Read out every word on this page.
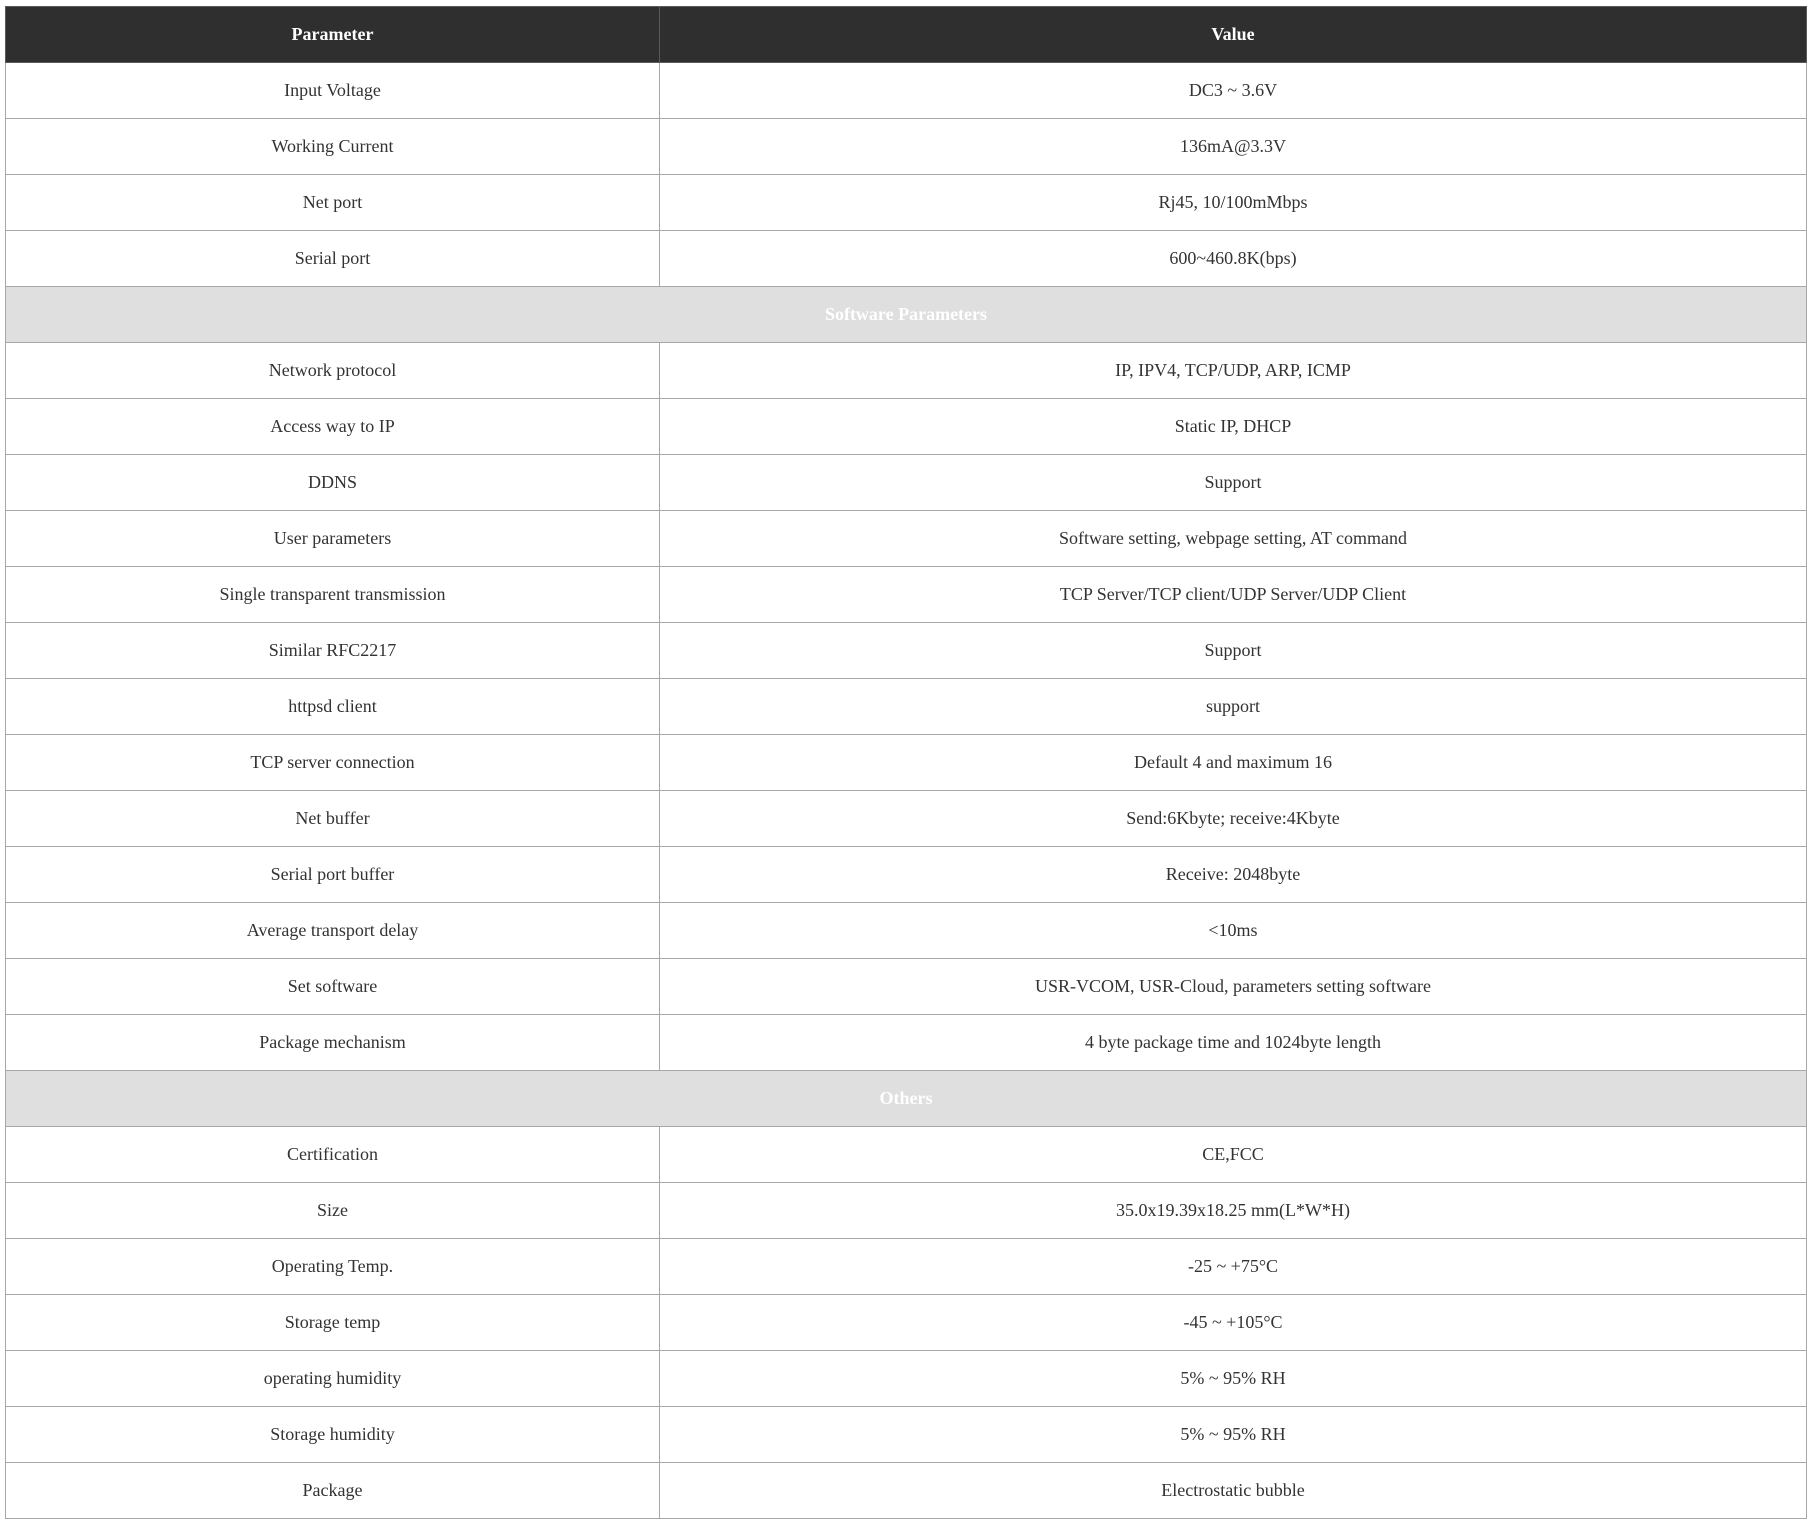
Parameter	Value
Input Voltage	DC3 ~ 3.6V
Working Current	136mA@3.3V
Net port	Rj45, 10/100mMbps
Serial port	600~460.8K(bps)
Software Parameters	
Network protocol	IP, IPV4, TCP/UDP, ARP, ICMP
Access way to IP	Static IP, DHCP
DDNS	Support
User parameters	Software setting, webpage setting, AT command
Single transparent transmission	TCP Server/TCP client/UDP Server/UDP Client
Similar RFC2217	Support
httpsd client	support
TCP server connection	Default 4 and maximum 16
Net buffer	Send:6Kbyte; receive:4Kbyte
Serial port buffer	Receive: 2048byte
Average transport delay	<10ms
Set software	USR-VCOM, USR-Cloud, parameters setting software
Package mechanism	4 byte package time and 1024byte length
Others	
Certification	CE,FCC
Size	35.0x19.39x18.25 mm(L*W*H)
Operating Temp.	-25 ~ +75°C
Storage temp	-45 ~ +105°C
operating humidity	5% ~ 95% RH
Storage humidity	5% ~ 95% RH
Package	Electrostatic bubble
